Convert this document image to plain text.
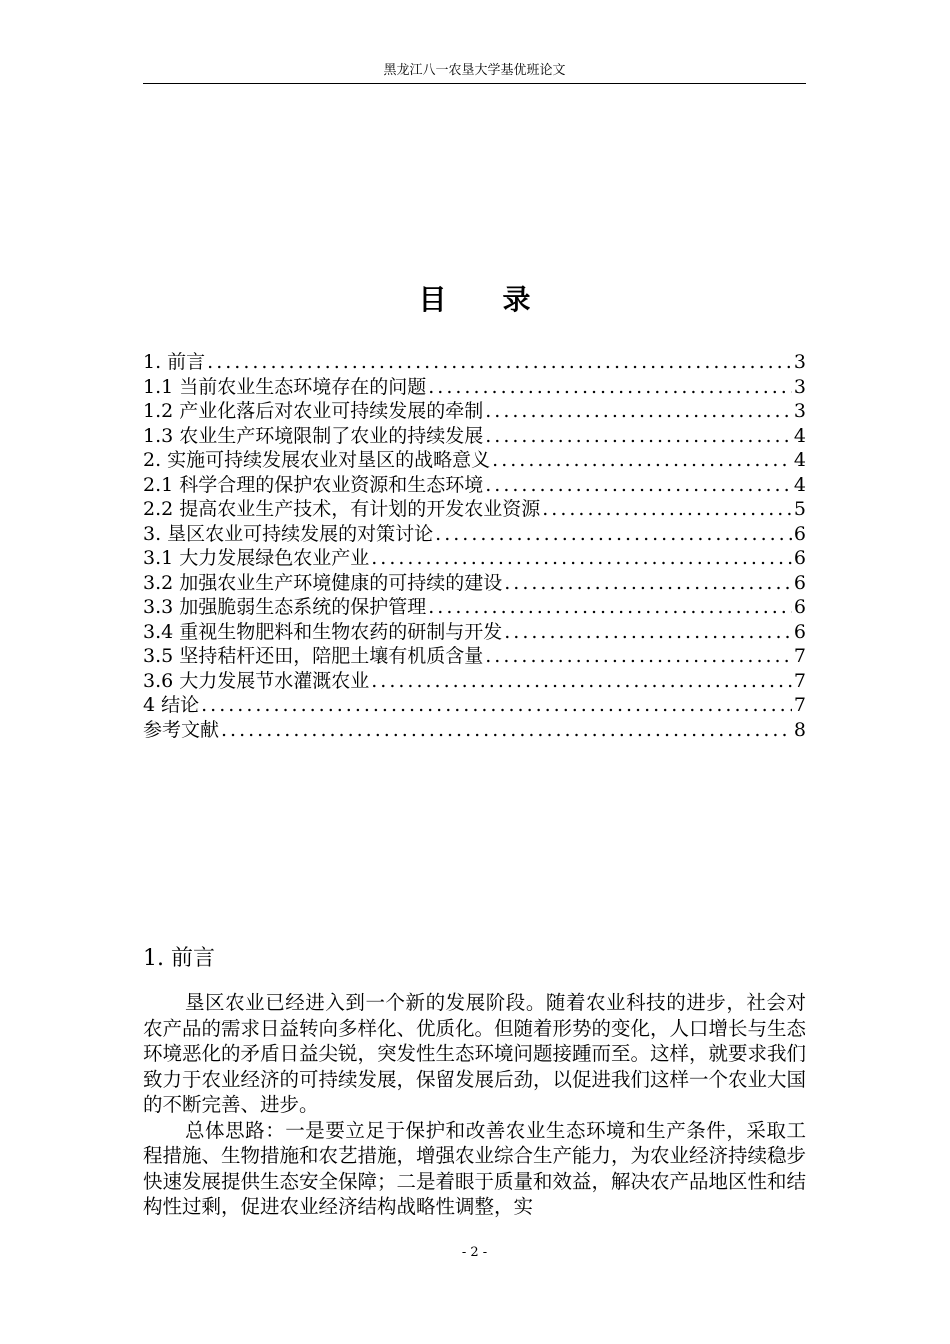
黑龙江八一农垦大学基优班论文
目 录
1. 前言 .....	3
1.1 当前农业生态环境存在的问题 .....	3
1.2 产业化落后对农业可持续发展的牵制 .....	3
1.3 农业生产环境限制了农业的持续发展 .....	4
2. 实施可持续发展农业对垦区的战略意义 .....	4
2.1 科学合理的保护农业资源和生态环境 .....	4
2.2 提高农业生产技术，有计划的开发农业资源 .....	5
3. 垦区农业可持续发展的对策讨论 .....	6
3.1 大力发展绿色农业产业 .....	6
3.2 加强农业生产环境健康的可持续的建设 .....	6
3.3 加强脆弱生态系统的保护管理 .....	6
3.4 重视生物肥料和生物农药的研制与开发 .....	6
3.5 坚持秸杆还田，陪肥土壤有机质含量 .....	7
3.6 大力发展节水灌溉农业 .....	7
4 结论 .....	7
参考文献 .....	8
1. 前言

垦区农业已经进入到一个新的发展阶段。随着农业科技的进步，社会对农产品的需求日益转向多样化、优质化。但随着形势的变化，人口增长与生态环境恶化的矛盾日益尖锐，突发性生态环境问题接踵而至。这样，就要求我们致力于农业经济的可持续发展，保留发展后劲，以促进我们这样一个农业大国的不断完善、进步。

总体思路：一是要立足于保护和改善农业生态环境和生产条件，采取工程措施、生物措施和农艺措施，增强农业综合生产能力，为农业经济持续稳步快速发展提供生态安全保障；二是着眼于质量和效益，解决农产品地区性和结构性过剩，促进农业经济结构战略性调整，实

- 2 -
